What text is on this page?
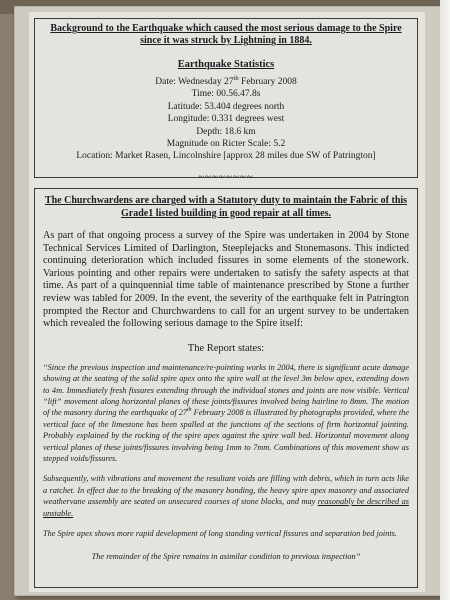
Background to the Earthquake which caused the most serious damage to the Spire since it was struck by Lightning in 1884.
Earthquake Statistics
Date: Wednesday 27th February 2008
Time: 00.56.47.8s
Latitude: 53.404 degrees north
Longitude: 0.331 degrees west
Depth: 18.6 km
Magnitude on Ricter Scale: 5.2
Location: Market Rasen, Lincolnshire [approx 28 miles due SW of Patrington]
~~~~~~~~
The Churchwardens are charged with a Statutory duty to maintain the Fabric of this Grade1 listed building in good repair at all times.
As part of that ongoing process a survey of the Spire was undertaken in 2004 by Stone Technical Services Limited of Darlington, Steeplejacks and Stonemasons. This indicted continuing deterioration which included fissures in some elements of the stonework. Various pointing and other repairs were undertaken to satisfy the safety aspects at that time. As part of a quinquennial time table of maintenance prescribed by Stone a further review was tabled for 2009. In the event, the severity of the earthquake felt in Patrington prompted the Rector and Churchwardens to call for an urgent survey to be undertaken which revealed the following serious damage to the Spire itself:
The Report states:
“Since the previous inspection and maintenance/re-pointing works in 2004, there is significant acute damage showing at the seating of the solid spire apex onto the spire wall at the level 3m below apex, extending down to 4m. Immediately fresh fissures extending through the individual stones and joints are now visible. Vertical “lift” movement along horizontal planes of these joints/fissures involved being hairline to 8mm. The motion of the masonry during the earthquake of 27th February 2008 is illustrated by photographs provided, where the vertical face of the limestone has been spalled at the junctions of the sections of firm horizontal jointing. Probably explained by the rocking of the spire apex against the spire wall bed. Horizontal movement along vertical planes of these joints/fissures involving being 1mm to 7mm. Combinations of this movement show as stepped voids/fissures.
Subsequently, with vibrations and movement the resultant voids are filling with debris, which in turn acts like a ratchet. In effect due to the breaking of the masonry bonding, the heavy spire apex masonry and associated weathervane assembly are seated on unsecured courses of stone blocks, and may reasonably be described as unstable.
The Spire apex shows more rapid development of long standing vertical fissures and separation bed joints.
The remainder of the Spire remains in asimilar condition to previous inspection”
